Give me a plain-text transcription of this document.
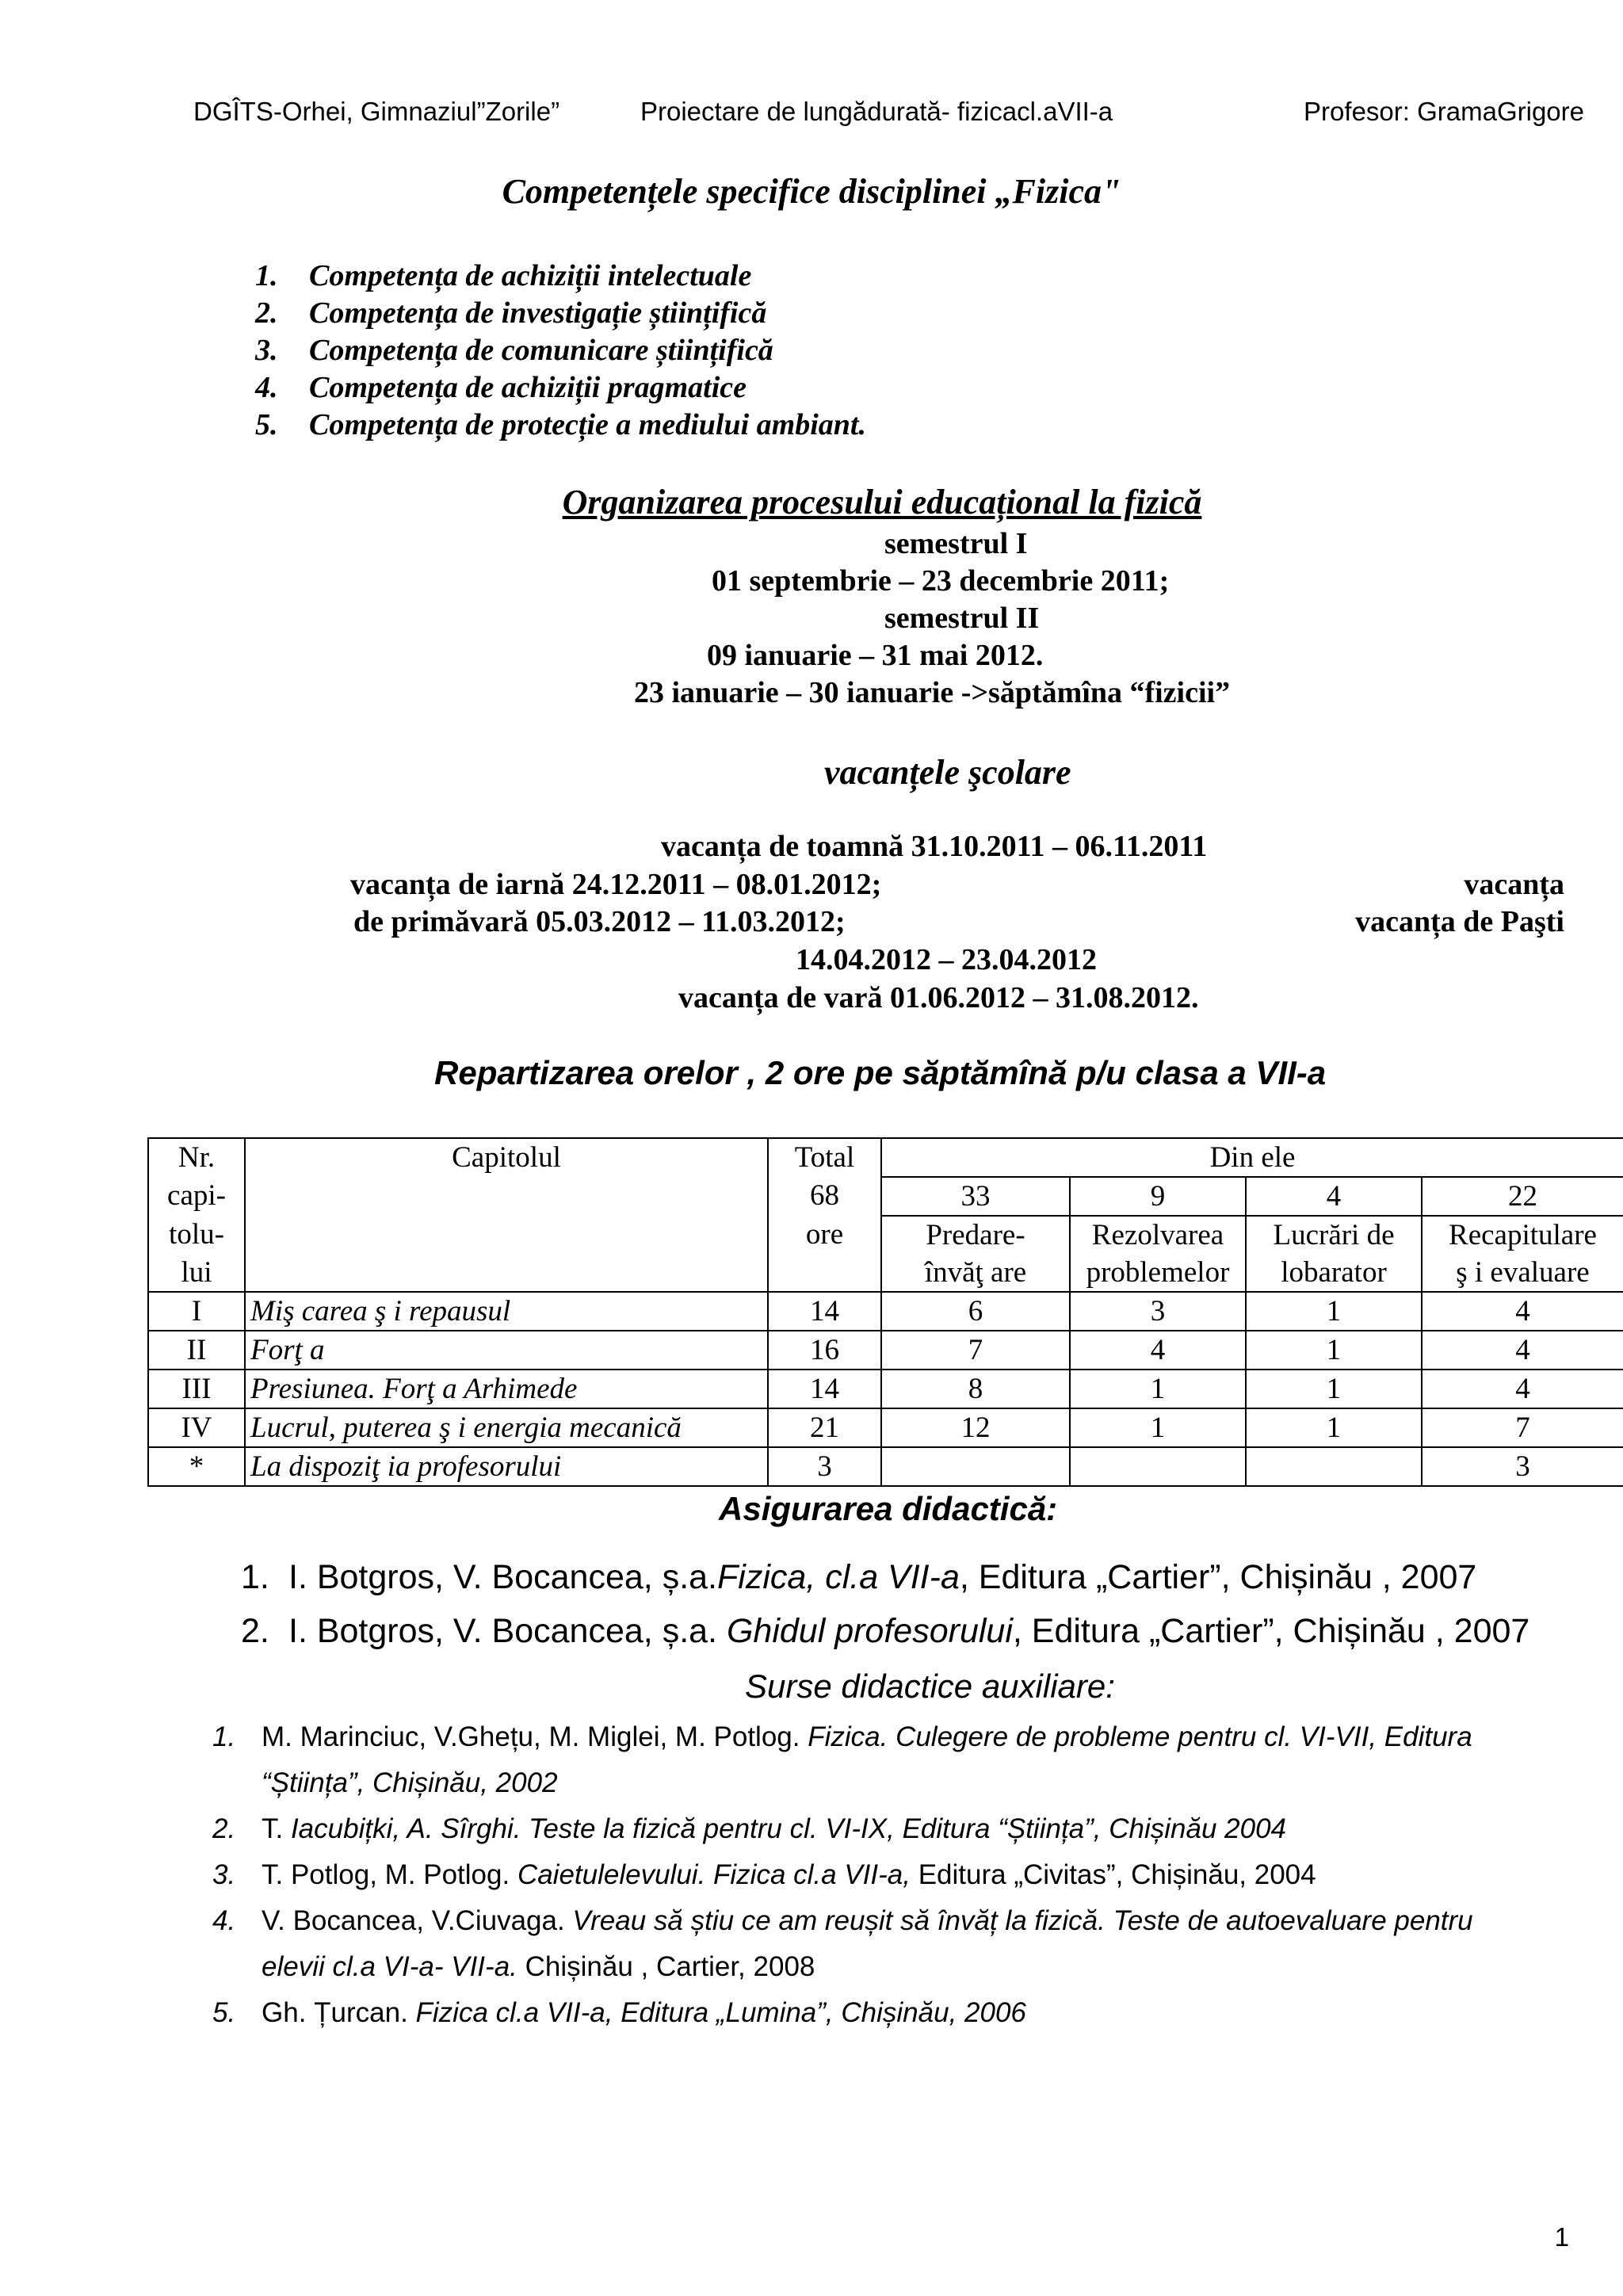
DGÎTS-Orhei, Gimnaziul”Zorile”	Proiectare de lungădurată- fizicacl.aVII-a	Profesor: GramaGrigore
Competențele specifice disciplinei „Fizica"
1. Competența de achiziții intelectuale
2. Competența de investigație științifică
3. Competența de comunicare științifică
4. Competența de achiziții pragmatice
5. Competența de protecție a mediului ambiant.
Organizarea procesului educațional la fizică
semestrul I
01 septembrie – 23 decembrie 2011;
semestrul II
09 ianuarie – 31 mai 2012.
23 ianuarie – 30 ianuarie ->săptămîna “fizicii”
vacanțele şcolare
vacanța de toamnă 31.10.2011 – 06.11.2011
vacanța de iarnă 24.12.2011 – 08.01.2012;	vacanța
de primăvară 05.03.2012 – 11.03.2012;	vacanța de Paşti
14.04.2012 – 23.04.2012
vacanța de vară 01.06.2012 – 31.08.2012.
Repartizarea orelor , 2 ore pe săptămînă p/u clasa a VII-a
Nr.	Capitolul	Total	Din ele			
capi-		68	33	9	4	22
tolu-		ore	Predare-	Rezolvarea	Lucrări de	Recapitulare
lui			învăţ are	problemelor	lobarator	ş i evaluare
I	Miş carea ş i repausul	14	6	3	1	4
II	Forţ a	16	7	4	1	4
III	Presiunea. Forţ a Arhimede	14	8	1	1	4
IV	Lucrul, puterea ş i energia mecanică	21	12	1	1	7
*	La dispoziţ ia profesorului	3				3
Asigurarea didactică:
1. I. Botgros, V. Bocancea, ș.a.Fizica, cl.a VII-a, Editura „Cartier”, Chișinău , 2007
2. I. Botgros, V. Bocancea, ș.a. Ghidul profesorului, Editura „Cartier”, Chișinău , 2007
Surse didactice auxiliare:
1. M. Marinciuc, V.Ghețu, M. Miglei, M. Potlog. Fizica. Culegere de probleme pentru cl. VI-VII, Editura
“Știința”, Chișinău, 2002
2. T. Iacubițki, A. Sîrghi. Teste la fizică pentru cl. VI-IX, Editura “Știința”, Chișinău 2004
3. T. Potlog, M. Potlog. Caietulelevului. Fizica cl.a VII-a, Editura „Civitas”, Chișinău, 2004
4. V. Bocancea, V.Ciuvaga. Vreau să știu ce am reușit să învăț la fizică. Teste de autoevaluare pentru
elevii cl.a VI-a- VII-a. Chișinău , Cartier, 2008
5. Gh. Țurcan. Fizica cl.a VII-a, Editura „Lumina”, Chișinău, 2006
1
